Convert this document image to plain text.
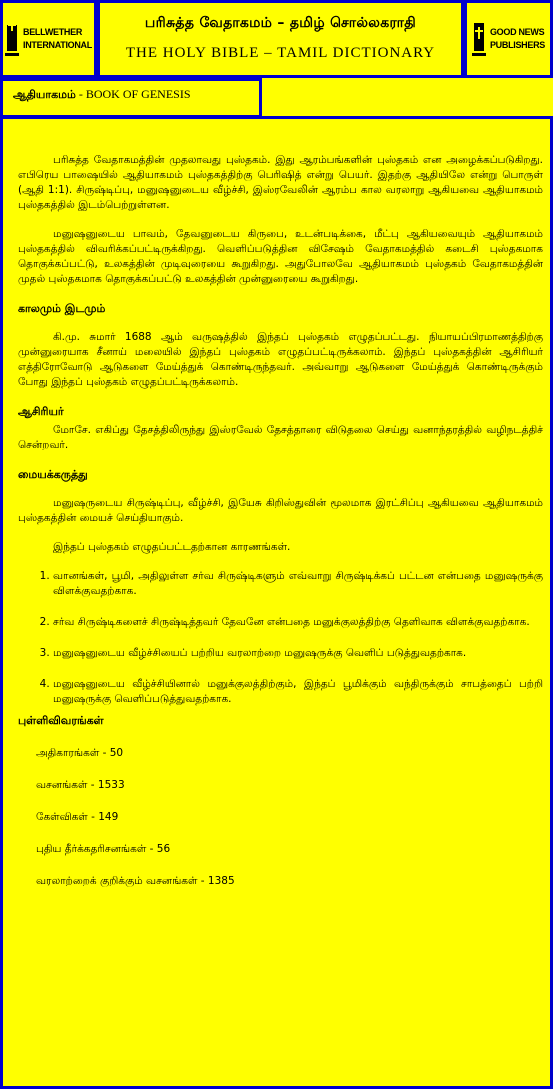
BELLWETHER
INTERNATIONAL
பரிசுத்த வேதாகமம் – தமிழ் சொல்லகராதி
THE HOLY BIBLE – TAMIL DICTIONARY
GOOD NEWS
PUBLISHERS
ஆதியாகமம் - BOOK OF GENESIS

பரிசுத்த வேதாகமத்தின் முதலாவது புஸ்தகம். இது ஆரம்பங்களின் புஸ்தகம் என அழைக்கப்படுகிறது. எபிரெய பாஷையில் ஆதியாகமம் புஸ்தகத்திற்கு பெரிஷித் என்று பெயர். இதற்கு ஆதியிலே என்று பொருள் (ஆதி 1:1). சிருஷ்டிப்பு, மனுஷனுடைய வீழ்ச்சி, இஸ்ரவேலின் ஆரம்ப கால வரலாறு ஆகியவை ஆதியாகமம் புஸ்தகத்தில் இடம்பெற்றுள்ளன.

மனுஷனுடைய பாவம், தேவனுடைய கிருபை, உடன்படிக்கை, மீட்பு ஆகியவையும் ஆதியாகமம் புஸ்தகத்தில் விவரிக்கப்பட்டிருக்கிறது. வெளிப்படுத்தின விசேஷம் வேதாகமத்தில் கடைசி புஸ்தகமாக தொகுக்கப்பட்டு, உலகத்தின் முடிவுரையை கூறுகிறது. அதுபோலவே ஆதியாகமம் புஸ்தகம் வேதாகமத்தின் முதல் புஸ்தகமாக தொகுக்கப்பட்டு உலகத்தின் முன்னுரையை கூறுகிறது.

காலமும் இடமும்

கி.மு. சுமார் 1688 ஆம் வருஷத்தில் இந்தப் புஸ்தகம் எழுதப்பட்டது. நியாயப்பிரமாணத்திற்கு முன்னுரையாக சீனாய் மலையில் இந்தப் புஸ்தகம் எழுதப்பட்டிருக்கலாம். இந்தப் புஸ்தகத்தின் ஆசிரியர் எத்திரோவோடு ஆடுகளை மேய்த்துக் கொண்டிருந்தவர். அவ்வாறு ஆடுகளை மேய்த்துக் கொண்டிருக்கும் போது இந்தப் புஸ்தகம் எழுதப்பட்டிருக்கலாம்.

ஆசிரியர்

மோசே. எகிப்து தேசத்திலிருந்து இஸ்ரவேல் தேசத்தாரை விடுதலை செய்து வனாந்தரத்தில் வழிநடத்திச் சென்றவர்.

மையக்கருத்து

மனுஷருடைய சிருஷ்டிப்பு, வீழ்ச்சி, இயேசு கிறிஸ்துவின் மூலமாக இரட்சிப்பு ஆகியவை ஆதியாகமம் புஸ்தகத்தின் மையச் செய்தியாகும்.

இந்தப் புஸ்தகம் எழுதப்பட்டதற்கான காரணங்கள்.

1. வானங்கள், பூமி, அதிலுள்ள சர்வ சிருஷ்டிகளும் எவ்வாறு சிருஷ்டிக்கப் பட்டன என்பதை மனுஷருக்கு விளக்குவதற்காக.
2. சர்வ சிருஷ்டிகளைச் சிருஷ்டித்தவர் தேவனே என்பதை மனுக்குலத்திற்கு தெளிவாக விளக்குவதற்காக.
3. மனுஷனுடைய வீழ்ச்சியைப் பற்றிய வரலாற்றை மனுஷருக்கு வெளிப் படுத்துவதற்காக.
4. மனுஷனுடைய வீழ்ச்சியினால் மனுக்குலத்திற்கும், இந்தப் பூமிக்கும் வந்திருக்கும் சாபத்தைப் பற்றி மனுஷருக்கு வெளிப்படுத்துவதற்காக.
புள்ளிவிவரங்கள்
அதிகாரங்கள் - 50
வசனங்கள் - 1533
கேள்விகள் - 149
புதிய தீர்க்கதரிசனங்கள் - 56
வரலாற்றைக் குறிக்கும் வசனங்கள் - 1385
